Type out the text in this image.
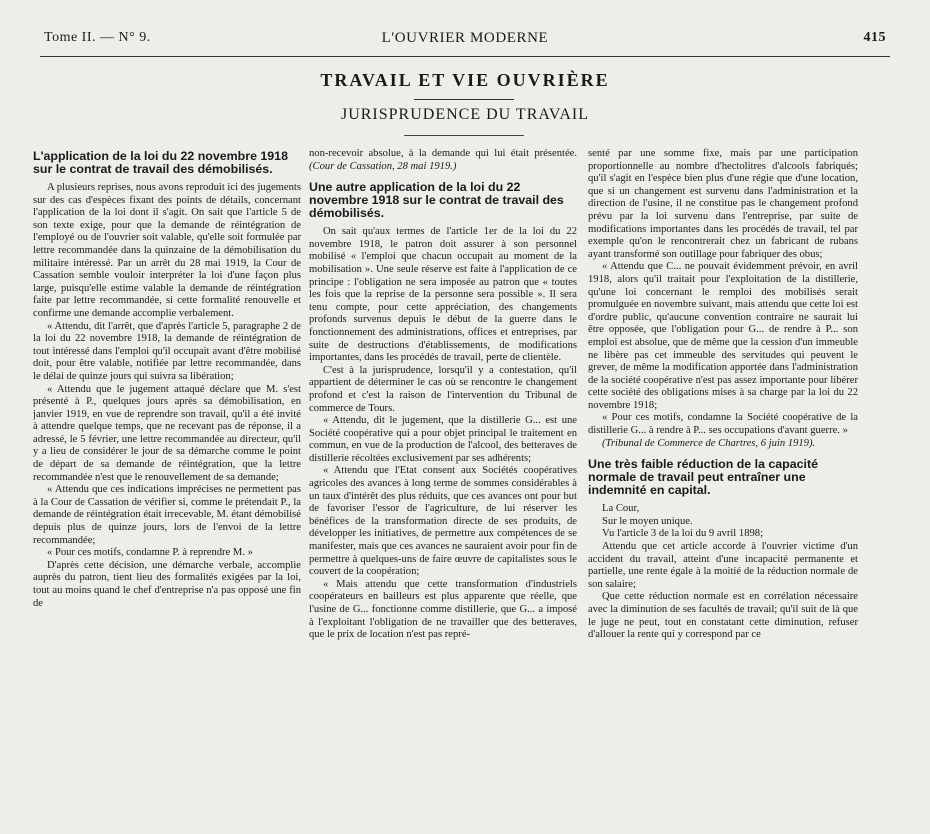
Tome II. — N° 9.	L'OUVRIER MODERNE	415
TRAVAIL ET VIE OUVRIÈRE
JURISPRUDENCE DU TRAVAIL
L'application de la loi du 22 novembre 1918 sur le contrat de travail des démobilisés.

A plusieurs reprises, nous avons reproduit ici des jugements sur des cas d'espèces fixant des points de détails, concernant l'application de la loi dont il s'agit. On sait que l'article 5 de son texte exige, pour que la demande de réintégration de l'employé ou de l'ouvrier soit valable, qu'elle soit formulée par lettre recommandée dans la quinzaine de la démobilisation du militaire intéressé. Par un arrêt du 28 mai 1919, la Cour de Cassation semble vouloir interpréter la loi d'une façon plus large, puisqu'elle estime valable la demande de réintégration faite par lettre recommandée, si cette formalité renouvelle et confirme une demande accomplie verbalement.

« Attendu, dit l'arrêt, que d'après l'article 5, paragraphe 2 de la loi du 22 novembre 1918, la demande de réintégration de tout intéressé dans l'emploi qu'il occupait avant d'être mobilisé doit, pour être valable, notifiée par lettre recommandée, dans le délai de quinze jours qui suivra sa libération;

« Attendu que le jugement attaqué déclare que M. s'est présenté à P., quelques jours après sa démobilisation, en janvier 1919, en vue de reprendre son travail, qu'il a été invité à attendre quelque temps, que ne recevant pas de réponse, il a adressé, le 5 février, une lettre recommandée au directeur, qu'il y a lieu de considérer le jour de sa démarche comme le point de départ de sa demande de réintégration, que la lettre recommandée n'est que le renouvellement de sa demande;

« Attendu que ces indications imprécises ne permettent pas à la Cour de Cassation de vérifier si, comme le prétendait P., la demande de réintégration était irrecevable, M. étant démobilisé depuis plus de quinze jours, lors de l'envoi de la lettre recommandée;

« Pour ces motifs, condamne P. à reprendre M. »

D'après cette décision, une démarche verbale, accomplie auprès du patron, tient lieu des formalités exigées par la loi, tout au moins quand le chef d'entreprise n'a pas opposé une fin de

non-recevoir absolue, à la demande qui lui était présentée. (Cour de Cassation, 28 mai 1919.)

Une autre application de la loi du 22 novembre 1918 sur le contrat de travail des démobilisés.

On sait qu'aux termes de l'article 1er de la loi du 22 novembre 1918, le patron doit assurer à son personnel mobilisé « l'emploi que chacun occupait au moment de la mobilisation ». Une seule réserve est faite à l'application de ce principe : l'obligation ne sera imposée au patron que « toutes les fois que la reprise de la personne sera possible ». Il sera tenu compte, pour cette appréciation, des changements profonds survenus depuis le début de la guerre dans le fonctionnement des administrations, offices et entreprises, par suite de destructions d'établissements, de modifications importantes, dans les procédés de travail, perte de clientèle.

C'est à la jurisprudence, lorsqu'il y a contestation, qu'il appartient de déterminer le cas où se rencontre le changement profond et c'est la raison de l'intervention du Tribunal de commerce de Tours.

« Attendu, dit le jugement, que la distillerie G... est une Société coopérative qui a pour objet principal le traitement en commun, en vue de la production de l'alcool, des betteraves de distillerie récoltées exclusivement par ses adhérents;

« Attendu que l'Etat consent aux Sociétés coopératives agricoles des avances à long terme de sommes considérables à un taux d'intérêt des plus réduits, que ces avances ont pour but de favoriser l'essor de l'agriculture, de lui réserver les bénéfices de la transformation directe de ses produits, de développer les initiatives, de permettre aux compétences de se manifester, mais que ces avances ne sauraient avoir pour fin de permettre à quelques-uns de faire œuvre de capitalistes sous le couvert de la coopération;

« Mais attendu que cette transformation d'industriels coopérateurs en bailleurs est plus apparente que réelle, que l'usine de G... fonctionne comme distillerie, que G... a imposé à l'exploitant l'obligation de ne travailler que des betteraves, que le prix de location n'est pas repré-

senté par une somme fixe, mais par une participation proportionnelle au nombre d'hectolitres d'alcools fabriqués; qu'il s'agit en l'espèce bien plus d'une régie que d'une location, que si un changement est survenu dans l'administration et la direction de l'usine, il ne constitue pas le changement profond prévu par la loi survenu dans l'entreprise, par suite de modifications importantes dans les procédés de travail, tel par exemple qu'on le rencontrerait chez un fabricant de rubans ayant transformé son outillage pour fabriquer des obus;

« Attendu que C... ne pouvait évidemment prévoir, en avril 1918, alors qu'il traitait pour l'exploitation de la distillerie, qu'une loi concernant le remploi des mobilisés serait promulguée en novembre suivant, mais attendu que cette loi est d'ordre public, qu'aucune convention contraire ne saurait lui être opposée, que l'obligation pour G... de rendre à P... son emploi est absolue, que de même que la cession d'un immeuble ne libère pas cet immeuble des servitudes qui peuvent le grever, de même la modification apportée dans l'administration de la société coopérative n'est pas assez importante pour libérer cette société des obligations mises à sa charge par la loi du 22 novembre 1918;

« Pour ces motifs, condamne la Société coopérative de la distillerie G... à rendre à P... ses occupations d'avant guerre. »

(Tribunal de Commerce de Chartres, 6 juin 1919).

Une très faible réduction de la capacité normale de travail peut entraîner une indemnité en capital.

La Cour,

Sur le moyen unique.

Vu l'article 3 de la loi du 9 avril 1898;

Attendu que cet article accorde à l'ouvrier victime d'un accident du travail, atteint d'une incapacité permanente et partielle, une rente égale à la moitié de la réduction normale de son salaire;

Que cette réduction normale est en corrélation nécessaire avec la diminution de ses facultés de travail; qu'il suit de là que le juge ne peut, tout en constatant cette diminution, refuser d'allouer la rente qui y correspond par ce
